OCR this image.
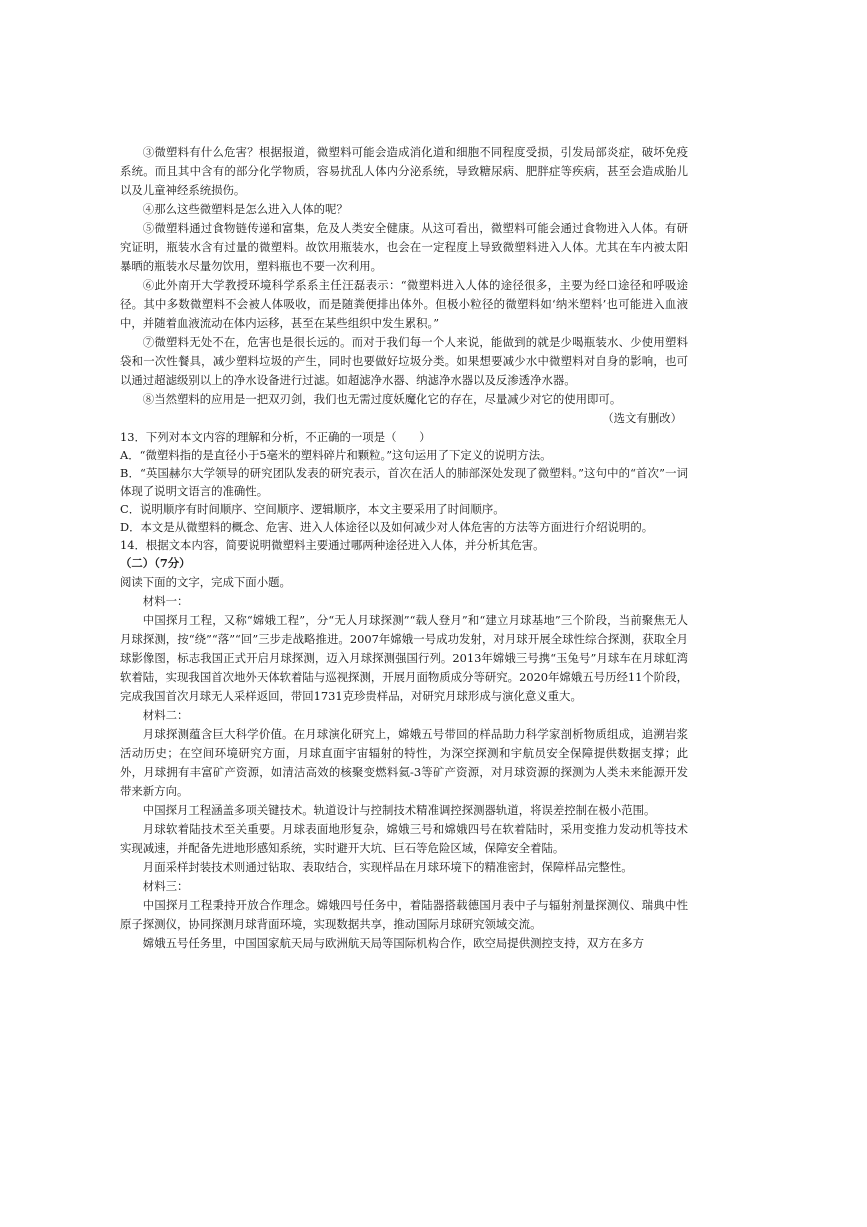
③微塑料有什么危害？根据报道，微塑料可能会造成消化道和细胞不同程度受损，引发局部炎症，破坏免疫系统。而且其中含有的部分化学物质，容易扰乱人体内分泌系统，导致糖尿病、肥胖症等疾病，甚至会造成胎儿以及儿童神经系统损伤。

④那么这些微塑料是怎么进入人体的呢？

⑤微塑料通过食物链传递和富集，危及人类安全健康。从这可看出，微塑料可能会通过食物进入人体。有研究证明，瓶装水含有过量的微塑料。故饮用瓶装水，也会在一定程度上导致微塑料进入人体。尤其在车内被太阳暴晒的瓶装水尽量勿饮用，塑料瓶也不要一次利用。

⑥此外南开大学教授环境科学系系主任汪磊表示：“微塑料进入人体的途径很多，主要为经口途径和呼吸途径。其中多数微塑料不会被人体吸收，而是随粪便排出体外。但极小粒径的微塑料如‘纳米塑料’也可能进入血液中，并随着血液流动在体内运移，甚至在某些组织中发生累积。”

⑦微塑料无处不在，危害也是很长远的。而对于我们每一个人来说，能做到的就是少喝瓶装水、少使用塑料袋和一次性餐具，减少塑料垃圾的产生，同时也要做好垃圾分类。如果想要减少水中微塑料对自身的影响，也可以通过超滤级别以上的净水设备进行过滤。如超滤净水器、纳滤净水器以及反渗透净水器。

⑧当然塑料的应用是一把双刃剑，我们也无需过度妖魔化它的存在，尽量减少对它的使用即可。

（选文有删改）

13．下列对本文内容的理解和分析，不正确的一项是（　　）

A．“微塑料指的是直径小于5毫米的塑料碎片和颗粒。”这句运用了下定义的说明方法。

B．“英国赫尔大学领导的研究团队发表的研究表示，首次在活人的肺部深处发现了微塑料。”这句中的“首次”一词体现了说明文语言的准确性。

C．说明顺序有时间顺序、空间顺序、逻辑顺序，本文主要采用了时间顺序。

D．本文是从微塑料的概念、危害、进入人体途径以及如何减少对人体危害的方法等方面进行介绍说明的。

14．根据文本内容，简要说明微塑料主要通过哪两种途径进入人体，并分析其危害。

（二）（7分）

阅读下面的文字，完成下面小题。

材料一：

中国探月工程，又称“嫦娥工程”，分“无人月球探测”“载人登月”和“建立月球基地”三个阶段，当前聚焦无人月球探测，按“绕”“落”“回”三步走战略推进。2007年嫦娥一号成功发射，对月球开展全球性综合探测，获取全月球影像图，标志我国正式开启月球探测，迈入月球探测强国行列。2013年嫦娥三号携“玉兔号”月球车在月球虹湾软着陆，实现我国首次地外天体软着陆与巡视探测，开展月面物质成分等研究。2020年嫦娥五号历经11个阶段，完成我国首次月球无人采样返回，带回1731克珍贵样品，对研究月球形成与演化意义重大。

材料二：

月球探测蕴含巨大科学价值。在月球演化研究上，嫦娥五号带回的样品助力科学家剖析物质组成，追溯岩浆活动历史；在空间环境研究方面，月球直面宇宙辐射的特性，为深空探测和宇航员安全保障提供数据支撑；此外，月球拥有丰富矿产资源，如清洁高效的核聚变燃料氦-3等矿产资源，对月球资源的探测为人类未来能源开发带来新方向。

中国探月工程涵盖多项关键技术。轨道设计与控制技术精准调控探测器轨道，将误差控制在极小范围。

月球软着陆技术至关重要。月球表面地形复杂，嫦娥三号和嫦娥四号在软着陆时，采用变推力发动机等技术实现减速，并配备先进地形感知系统，实时避开大坑、巨石等危险区域，保障安全着陆。

月面采样封装技术则通过钻取、表取结合，实现样品在月球环境下的精准密封，保障样品完整性。

材料三：

中国探月工程秉持开放合作理念。嫦娥四号任务中，着陆器搭载德国月表中子与辐射剂量探测仪、瑞典中性原子探测仪，协同探测月球背面环境，实现数据共享，推动国际月球研究领域交流。

嫦娥五号任务里，中国国家航天局与欧洲航天局等国际机构合作，欧空局提供测控支持，双方在多方
